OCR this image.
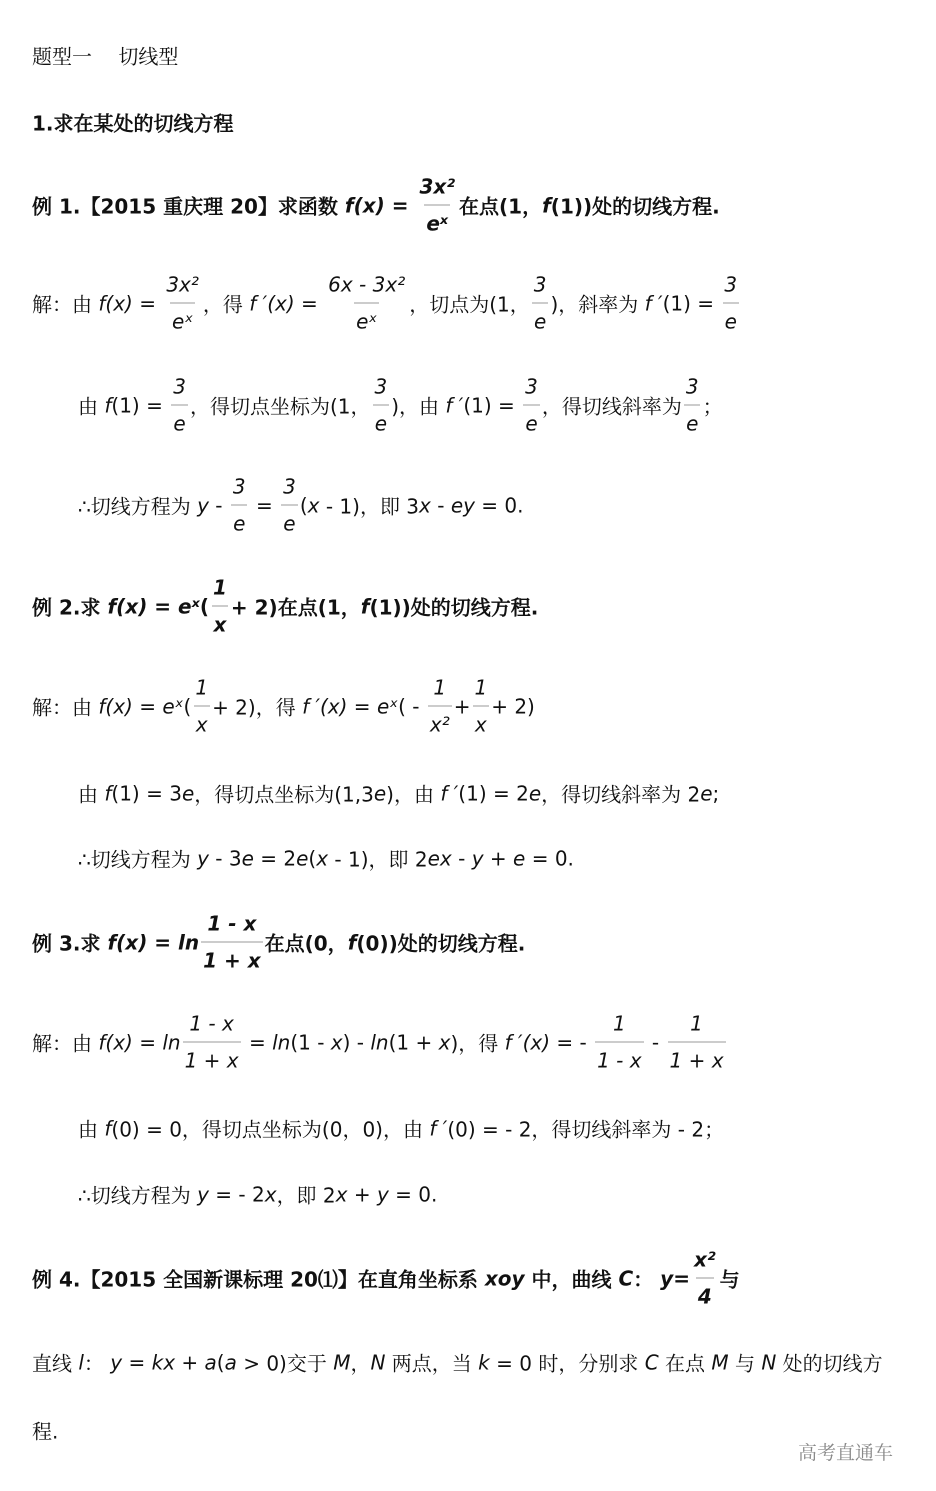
题型一　 切线型
1.求在某处的切线方程
例 1.【2015 重庆理 20】求函数 $f(x) = \frac{\text{3x²}}{\text{eˣ}}$ 在点(1， f (1))处的切线方程.
解：由 $f(x) = \frac{\text{3x²}}{\text{eˣ}}$ ，得 f $'(x) = \frac{\text{6x - 3x²}}{\text{eˣ}}$ ，切点为(1， $\frac{3}{e}$ )，斜率为 f ′ $(1) = \frac{3}{e}$
由 f $(1) = \frac{3}{e}$ ，得切点坐标为(1， $\frac{3}{e}$ )，由 f ′ $(1) = \frac{3}{e}$ ，得切线斜率为 $\frac{3}{e}$ ；
∴切线方程为 $y - \frac{3}{e} = \frac{3}{e}$ ( x - 1)，即 3 x - ey = 0.
例 2.求 f(x) = eˣ ( $\frac{1}{x} + 2$)在点(1， f (1))处的切线方程.
解：由 f(x) = eˣ ( $\frac{1}{x} + 2$)，得 f ′(x) = eˣ ( - $\frac{1}{\text{x²}} + \frac{1}{x} + 2$)
由 f (1) = 3 e ，得切点坐标为(1,3 e )，由 f ′ (1) = 2 e ，得切线斜率为 2 e ;
∴切线方程为 y - 3 e = 2 e ( x - 1)，即 2 ex - y + e = 0.
例 3.求 $f(x) = \ln \frac{1 - x}{1 + x}$ 在点(0， f (0))处的切线方程.
解：由 $f(x) = \ln \frac{1 - x}{1 + x} = \ln (1 - x$ ) - ln (1 + x )，得 f ′(x) = - $\frac{1}{1 - x} - \frac{1}{1 + x}$
由 f (0) = 0，得切点坐标为(0，0)，由 f ′ (0) = - 2，得切线斜率为 - 2；
∴切线方程为 y = - 2 x ，即 2 x + y = 0.
例 4.【2015 全国新课标理 20⑴】在直角坐标系 xoy 中，曲线 C ： $y = \frac{\text{x²}}{4}$ 与
直线 l ： y = kx + a ( a > 0)交于 M ， N 两点，当 k = 0 时，分别求 C 在点 M 与 N 处的切线方
程.
高考直通车
